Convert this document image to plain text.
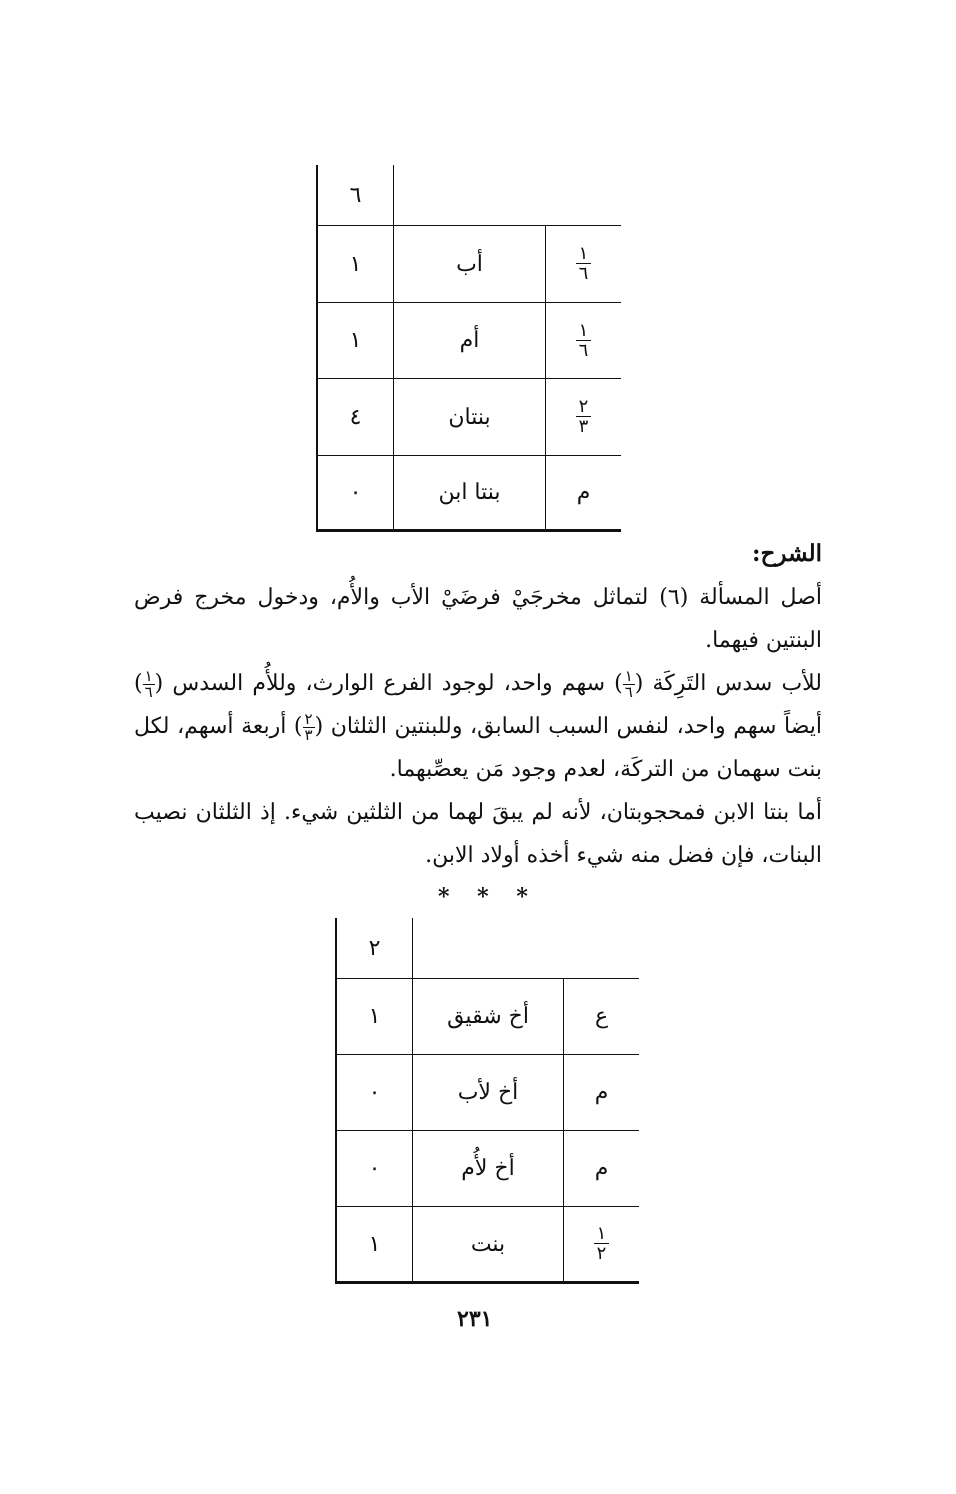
٦
١	أب	$\frac{١}{٦}$
١	أم	$\frac{١}{٦}$
٤	بنتان	$\frac{٢}{٣}$
٠	بنتا ابن	م
الشرح:

أصل المسألة (٦) لتماثل مخرجَيْ فرضَيْ الأب والأُم، ودخول مخرج فرض البنتين فيهما.

للأب سدس التَرِكَة (
$\frac{١}{٦}$
) سهم واحد، لوجود الفرع الوارث، وللأُم السدس (
$\frac{١}{٦}$
) أيضاً سهم واحد، لنفس السبب السابق، وللبنتين الثلثان (
$\frac{٢}{٣}$
) أربعة أسهم، لكل بنت سهمان من التركَة، لعدم وجود مَن يعصِّبهما.

أما بنتا الابن فمحجوبتان، لأنه لم يبقَ لهما من الثلثين شيء. إذ الثلثان نصيب البنات، فإن فضل منه شيء أخذه أولاد الابن.

* * *
٢
١	أخ شقيق	ع
٠	أخ لأب	م
٠	أخ لأُم	م
١	بنت	$\frac{١}{٢}$
٢٣١
